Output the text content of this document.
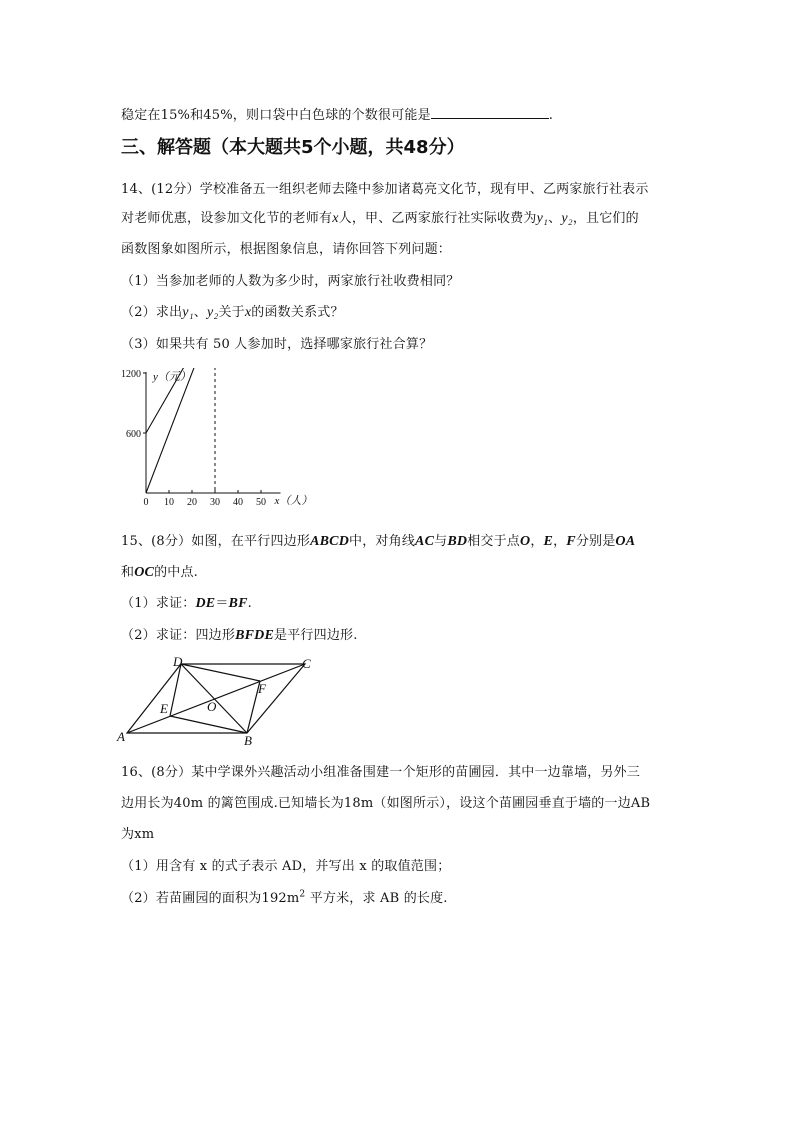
稳定在15%和45%，则口袋中白色球的个数很可能是	.
三、解答题（本大题共5个小题，共48分）
14、(12分）学校准备五一组织老师去隆中参加诸葛亮文化节，现有甲、乙两家旅行社表示
对老师优惠，设参加文化节的老师有x人，甲、乙两家旅行社实际收费为y₁、y₂，且它们的
函数图象如图所示，根据图象信息，请你回答下列问题：
（1）当参加老师的人数为多少时，两家旅行社收费相同？
（2）求出y₁、y₂关于x的函数关系式？
（3）如果共有 50 人参加时，选择哪家旅行社合算？
y（元）
x（人）
600
1200
0 10 20 30 40 50
15、(8分）如图，在平行四边形ABCD中，对角线AC与BD相交于点O，E，F分别是OA
和OC的中点.
（1）求证：DE＝BF.
（2）求证：四边形BFDE是平行四边形.
A	B
C
D
E
F
O
16、(8分）某中学课外兴趣活动小组准备围建一个矩形的苗圃园．其中一边靠墙，另外三
边用长为40m 的篱笆围成.已知墙长为18m（如图所示），设这个苗圃园垂直于墙的一边AB
为xm
（1）用含有 x 的式子表示 AD，并写出 x 的取值范围；
（2）若苗圃园的面积为$192m^2$ 平方米，求 AB 的长度.
